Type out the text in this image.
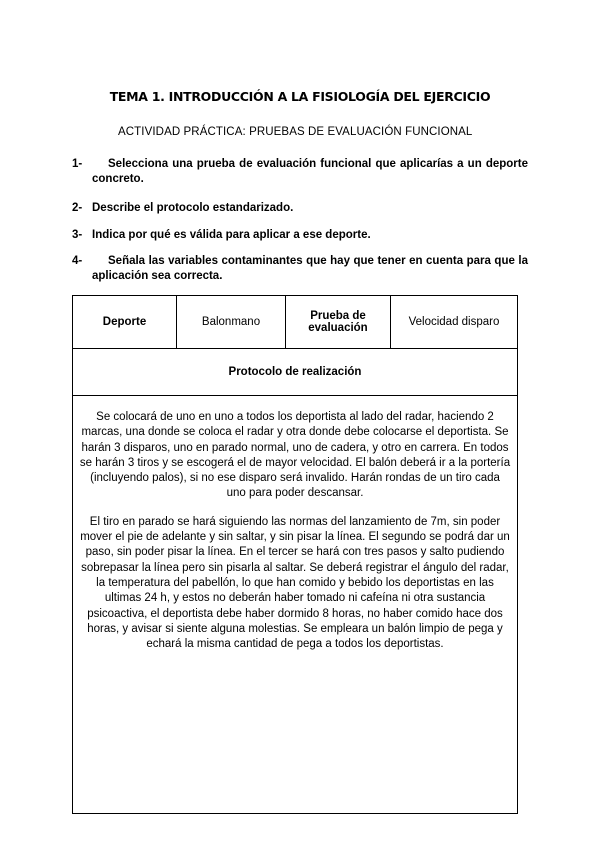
TEMA 1. INTRODUCCIÓN A LA FISIOLOGÍA DEL EJERCICIO
ACTIVIDAD PRÁCTICA: PRUEBAS DE EVALUACIÓN FUNCIONAL
1-	Selecciona una prueba de evaluación funcional que aplicarías a un deporte concreto.
2- Describe el protocolo estandarizado.
3- Indica por qué es válida para aplicar a ese deporte.
4-	Señala las variables contaminantes que hay que tener en cuenta para que la aplicación sea correcta.
Deporte	Balonmano	Prueba de evaluación	Velocidad disparo
Protocolo de realización

Se colocará de uno en uno a todos los deportista al lado del radar, haciendo 2 marcas, una donde se coloca el radar y otra donde debe colocarse el deportista. Se harán 3 disparos, uno en parado normal, uno de cadera, y otro en carrera. En todos se harán 3 tiros y se escogerá el de mayor velocidad. El balón deberá ir a la portería (incluyendo palos), si no ese disparo será invalido. Harán rondas de un tiro cada uno para poder descansar.

El tiro en parado se hará siguiendo las normas del lanzamiento de 7m, sin poder mover el pie de adelante y sin saltar, y sin pisar la línea. El segundo se podrá dar un paso, sin poder pisar la línea. En el tercer se hará con tres pasos y salto pudiendo sobrepasar la línea pero sin pisarla al saltar. Se deberá registrar el ángulo del radar, la temperatura del pabellón, lo que han comido y bebido los deportistas en las ultimas 24 h, y estos no deberán haber tomado ni cafeína ni otra sustancia psicoactiva, el deportista debe haber dormido 8 horas, no haber comido hace dos horas, y avisar si siente alguna molestias. Se empleara un balón limpio de pega y echará la misma cantidad de pega a todos los deportistas.
